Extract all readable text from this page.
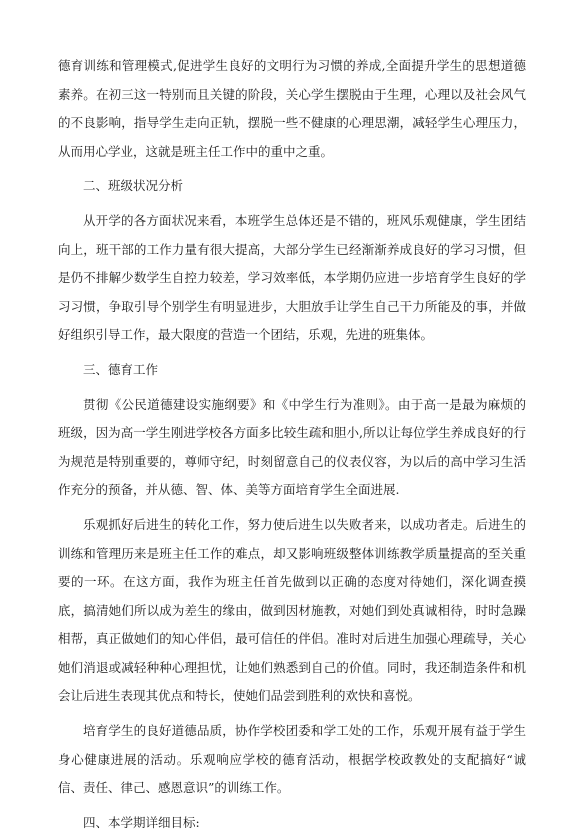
德育训练和管理模式,促进学生良好的文明行为习惯的养成,全面提升学生的思想道德素养。在初三这一特别而且关键的阶段，关心学生摆脱由于生理，心理以及社会风气的不良影响，指导学生走向正轨，摆脱一些不健康的心理思潮，减轻学生心理压力，从而用心学业，这就是班主任工作中的重中之重。

二、班级状况分析

从开学的各方面状况来看，本班学生总体还是不错的，班风乐观健康，学生团结向上，班干部的工作力量有很大提高，大部分学生已经渐渐养成良好的学习习惯，但是仍不排解少数学生自控力较差，学习效率低，本学期仍应进一步培育学生良好的学习习惯，争取引导个别学生有明显进步，大胆放手让学生自己干力所能及的事，并做好组织引导工作，最大限度的营造一个团结，乐观，先进的班集体。

三、德育工作

贯彻《公民道德建设实施纲要》和《中学生行为准则》。由于高一是最为麻烦的班级，因为高一学生刚进学校各方面多比较生疏和胆小,所以让每位学生养成良好的行为规范是特别重要的，尊师守纪，时刻留意自己的仪表仪容，为以后的高中学习生活作充分的预备，并从德、智、体、美等方面培育学生全面进展.

乐观抓好后进生的转化工作，努力使后进生以失败者来，以成功者走。后进生的训练和管理历来是班主任工作的难点，却又影响班级整体训练教学质量提高的至关重要的一环。在这方面，我作为班主任首先做到以正确的态度对待她们，深化调查摸底，搞清她们所以成为差生的缘由，做到因材施教，对她们到处真诚相待，时时急躁相帮，真正做她们的知心伴侣，最可信任的伴侣。准时对后进生加强心理疏导，关心她们消退或减轻种种心理担忧，让她们熟悉到自己的价值。同时，我还制造条件和机会让后进生表现其优点和特长，使她们品尝到胜利的欢快和喜悦。

培育学生的良好道德品质，协作学校团委和学工处的工作，乐观开展有益于学生身心健康进展的活动。乐观响应学校的德育活动，根据学校政教处的支配搞好“诚信、责任、律己、感恩意识”的训练工作。

四、本学期详细目标:
